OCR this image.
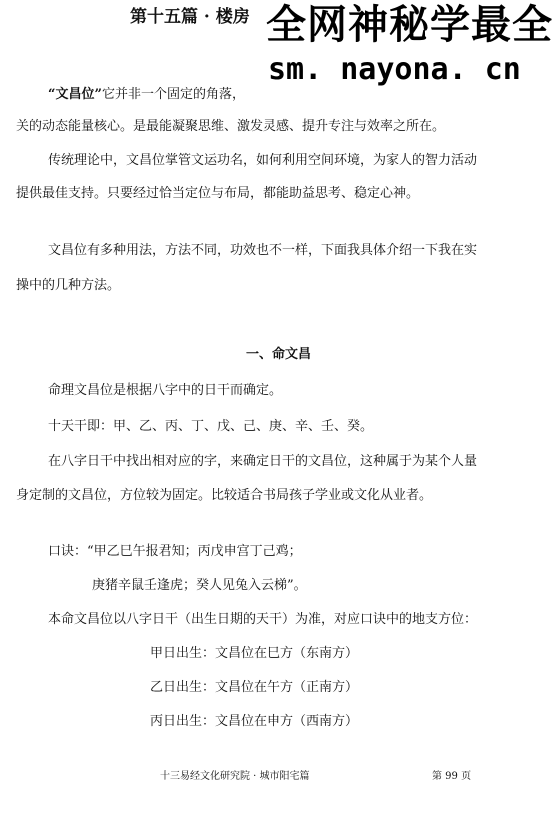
第十五篇 · 楼房 全网神秘学最全
sm. nayona. cn
“文昌位”它并非一个固定的角落，
关的动态能量核心。是最能凝聚思维、激发灵感、提升专注与效率之所在。
传统理论中，文昌位掌管文运功名，如何利用空间环境，为家人的智力活动
提供最佳支持。只要经过恰当定位与布局，都能助益思考、稳定心神。
文昌位有多种用法，方法不同，功效也不一样，下面我具体介绍一下我在实
操中的几种方法。
一、命文昌
命理文昌位是根据八字中的日干而确定。
十天干即：甲、乙、丙、丁、戊、己、庚、辛、壬、癸。
在八字日干中找出相对应的字，来确定日干的文昌位，这种属于为某个人量
身定制的文昌位，方位较为固定。比较适合书局孩子学业或文化从业者。
口诀：“甲乙巳午报君知；丙戊申宫丁己鸡；
庚猪辛鼠壬逢虎；癸人见兔入云梯”。
本命文昌位以八字日干（出生日期的天干）为准，对应口诀中的地支方位：
甲日出生：文昌位在巳方（东南方）
乙日出生：文昌位在午方（正南方）
丙日出生：文昌位在申方（西南方）
十三易经文化研究院 · 城市阳宅篇	第 99 页
